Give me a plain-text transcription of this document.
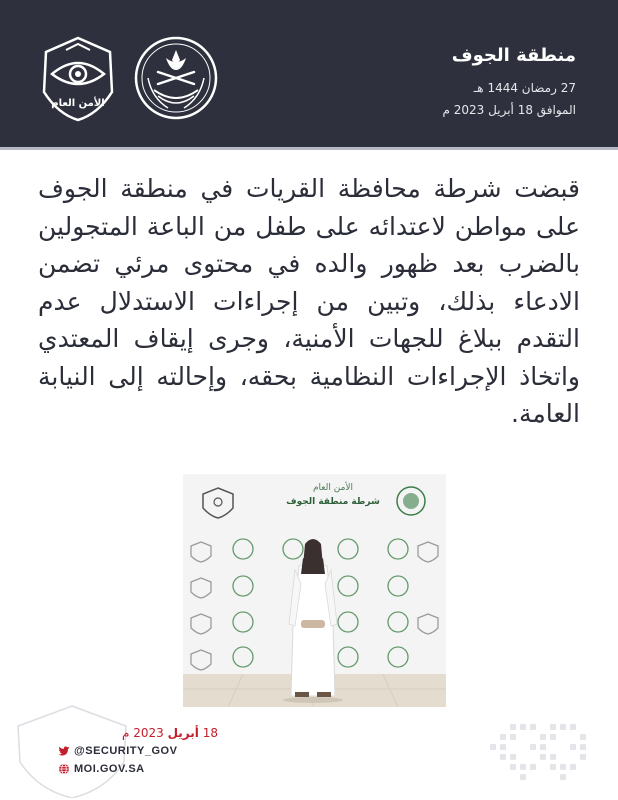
الأمن العام
منطقة الجوف
27 رمضان 1444 هـ
الموافق 18 أبريل 2023 م
قبضت شرطة محافظة القريات في منطقة الجوف على مواطن لاعتدائه على طفل من الباعة المتجولين بالضرب بعد ظهور والده في محتوى مرئي تضمن الادعاء بذلك، وتبين من إجراءات الاستدلال عدم التقدم ببلاغ للجهات الأمنية، وجرى إيقاف المعتدي واتخاذ الإجراءات النظامية بحقه، وإحالته إلى النيابة العامة.
الأمن العام
شرطة منطقة الجوف
18

أبريل

2023 م
@SECURITY_GOV
MOI.GOV.SA
